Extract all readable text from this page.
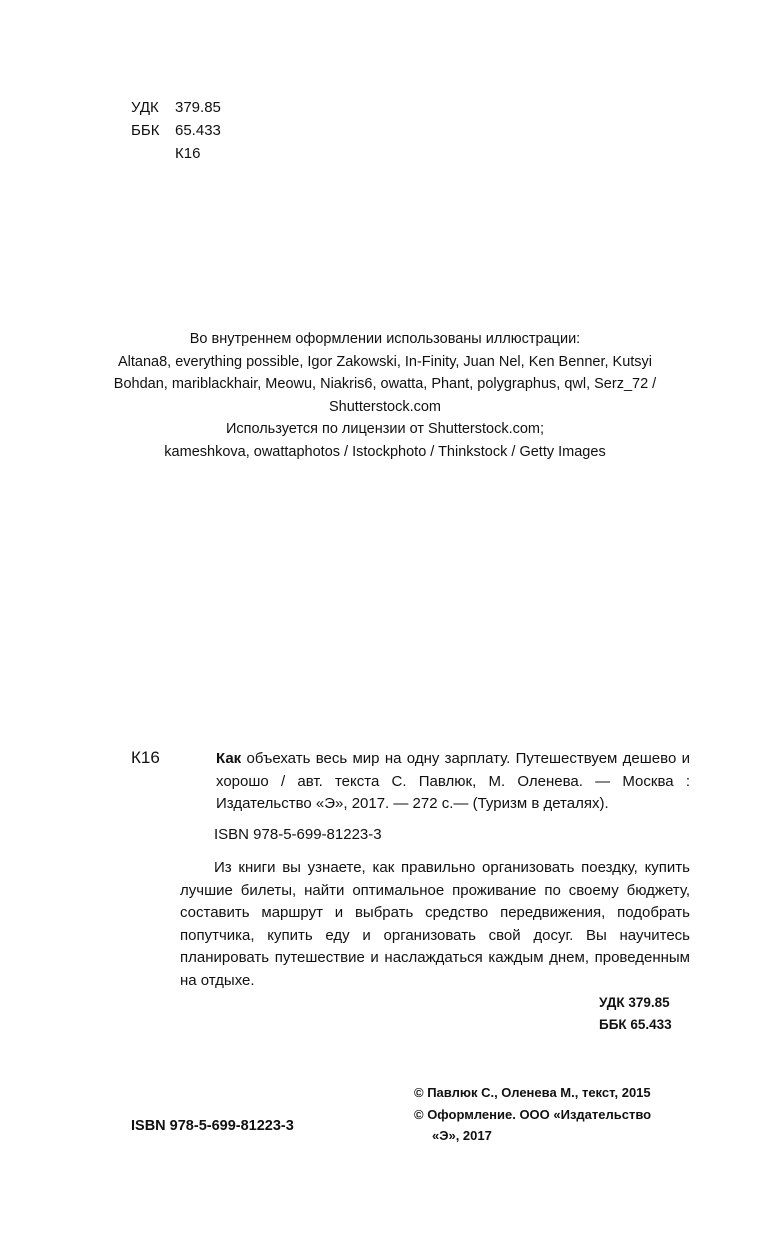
УДК 379.85
ББК 65.433
К16
Во внутреннем оформлении использованы иллюстрации:
Altana8, everything possible, Igor Zakowski, In-Finity, Juan Nel, Ken Benner, Kutsyi
Bohdan, mariblackhair, Meowu, Niakris6, owatta, Phant, polygraphus, qwl, Serz_72 /
Shutterstock.com
Используется по лицензии от Shutterstock.com;
kameshkova, owattaphotos / Istockphoto / Thinkstock / Getty Images
К16	Как объехать весь мир на одну зарплату. Путешествуем дешево и хорошо / авт. текста С. Павлюк, М. Оленева. — Москва : Издательство «Э», 2017. — 272 с.— (Туризм в деталях).
ISBN 978-5-699-81223-3
Из книги вы узнаете, как правильно организовать поездку, купить лучшие билеты, найти оптимальное проживание по своему бюджету, составить маршрут и выбрать средство передвижения, подобрать попутчика, купить еду и организовать свой досуг. Вы научитесь планировать путешествие и наслаждаться каждым днем, проведенным на отдыхе.
УДК 379.85
ББК 65.433
© Павлюк С., Оленева М., текст, 2015
© Оформление. ООО «Издательство
«Э», 2017
ISBN 978-5-699-81223-3
